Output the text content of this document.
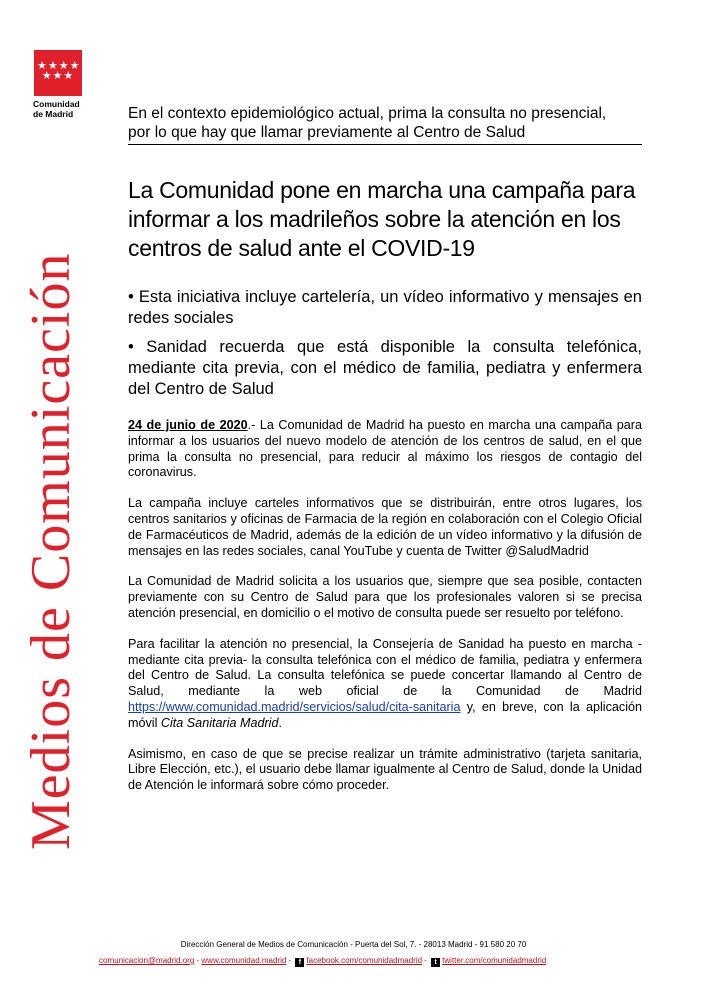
★★★★
★★★
Comunidad
de Madrid
Medios de Comunicación
En el contexto epidemiológico actual, prima la consulta no presencial,
por lo que hay que llamar previamente al Centro de Salud
La Comunidad pone en marcha una campaña para informar a los madrileños sobre la atención en los centros de salud ante el COVID-19

• Esta iniciativa incluye cartelería, un vídeo informativo y mensajes en redes sociales

• Sanidad recuerda que está disponible la consulta telefónica, mediante cita previa, con el médico de familia, pediatra y enfermera del Centro de Salud

24 de junio de 2020.- La Comunidad de Madrid ha puesto en marcha una campaña para informar a los usuarios del nuevo modelo de atención de los centros de salud, en el que prima la consulta no presencial, para reducir al máximo los riesgos de contagio del coronavirus.

La campaña incluye carteles informativos que se distribuirán, entre otros lugares, los centros sanitarios y oficinas de Farmacia de la región en colaboración con el Colegio Oficial de Farmacéuticos de Madrid, además de la edición de un vídeo informativo y la difusión de mensajes en las redes sociales, canal YouTube y cuenta de Twitter @SaludMadrid

La Comunidad de Madrid solicita a los usuarios que, siempre que sea posible, contacten previamente con su Centro de Salud para que los profesionales valoren si se precisa atención presencial, en domicilio o el motivo de consulta puede ser resuelto por teléfono.

Para facilitar la atención no presencial, la Consejería de Sanidad ha puesto en marcha -mediante cita previa- la consulta telefónica con el médico de familia, pediatra y enfermera del Centro de Salud. La consulta telefónica se puede concertar llamando al Centro de Salud, mediante la web oficial de la Comunidad de Madrid https://www.comunidad.madrid/servicios/salud/cita-sanitaria y, en breve, con la aplicación móvil Cita Sanitaria Madrid.

Asimismo, en caso de que se precise realizar un trámite administrativo (tarjeta sanitaria, Libre Elección, etc.), el usuario debe llamar igualmente al Centro de Salud, donde la Unidad de Atención le informará sobre cómo proceder.

Dirección General de Medios de Comunicación - Puerta del Sol, 7. - 28013 Madrid - 91 580 20 70
comunicacion@madrid.org - www.comunidad.madrid - f facebook.com/comunidadmadrid - t twitter.com/comunidadmadrid
